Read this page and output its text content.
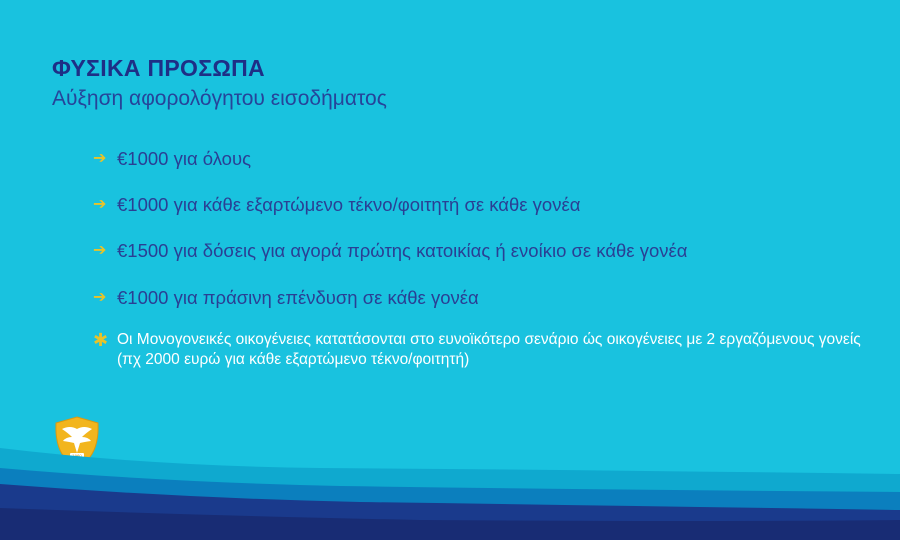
ΦΥΣΙΚΑ ΠΡΟΣΩΠΑ
Αύξηση αφορολόγητου εισοδήματος
➔ €1000 για όλους
➔ €1000 για κάθε εξαρτώμενο τέκνο/φοιτητή σε κάθε γονέα
➔ €1500 για δόσεις για αγορά πρώτης κατοικίας ή ενοίκιο σε κάθε γονέα
➔ €1000 για πράσινη επένδυση σε κάθε γονέα
✱ Οι Μονογονεικές οικογένειες κατατάσονται στο ευνοϊκότερο σενάριο ώς οικογένειες με 2 εργαζόμενους γονείς (πχ 2000 ευρώ για κάθε εξαρτώμενο τέκνο/φοιτητή)
1960
